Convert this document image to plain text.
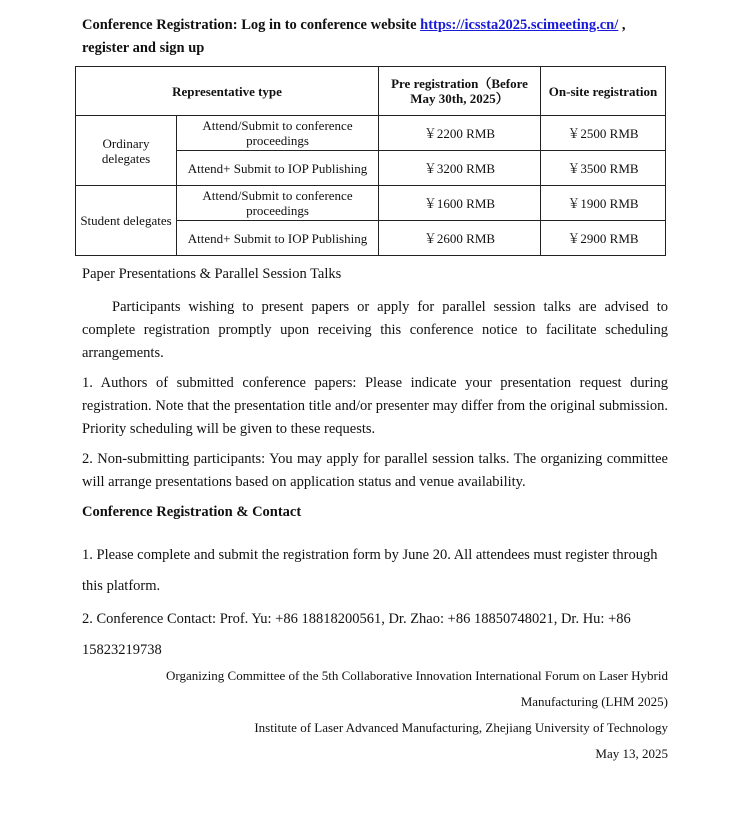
Conference Registration: Log in to conference website https://icssta2025.scimeeting.cn/ , register and sign up
Representative type		Pre registration（Before May 30th, 2025）	On-site registration
Ordinary delegates	Attend/Submit to conference proceedings	￥2200 RMB	￥2500 RMB
	Attend+ Submit to IOP Publishing	￥3200 RMB	￥3500 RMB
Student delegates	Attend/Submit to conference proceedings	￥1600 RMB	￥1900 RMB
	Attend+ Submit to IOP Publishing	￥2600 RMB	￥2900 RMB
Paper Presentations & Parallel Session Talks
Participants wishing to present papers or apply for parallel session talks are advised to complete registration promptly upon receiving this conference notice to facilitate scheduling arrangements.
1. Authors of submitted conference papers: Please indicate your presentation request during registration. Note that the presentation title and/or presenter may differ from the original submission. Priority scheduling will be given to these requests.
2. Non-submitting participants: You may apply for parallel session talks. The organizing committee will arrange presentations based on application status and venue availability.
Conference Registration & Contact
1. Please complete and submit the registration form by June 20. All attendees must register through this platform.
2. Conference Contact: Prof. Yu: +86 18818200561, Dr. Zhao: +86 18850748021, Dr. Hu: +86 15823219738
Organizing Committee of the 5th Collaborative Innovation International Forum on Laser Hybrid Manufacturing (LHM 2025)
Institute of Laser Advanced Manufacturing, Zhejiang University of Technology
May 13, 2025
